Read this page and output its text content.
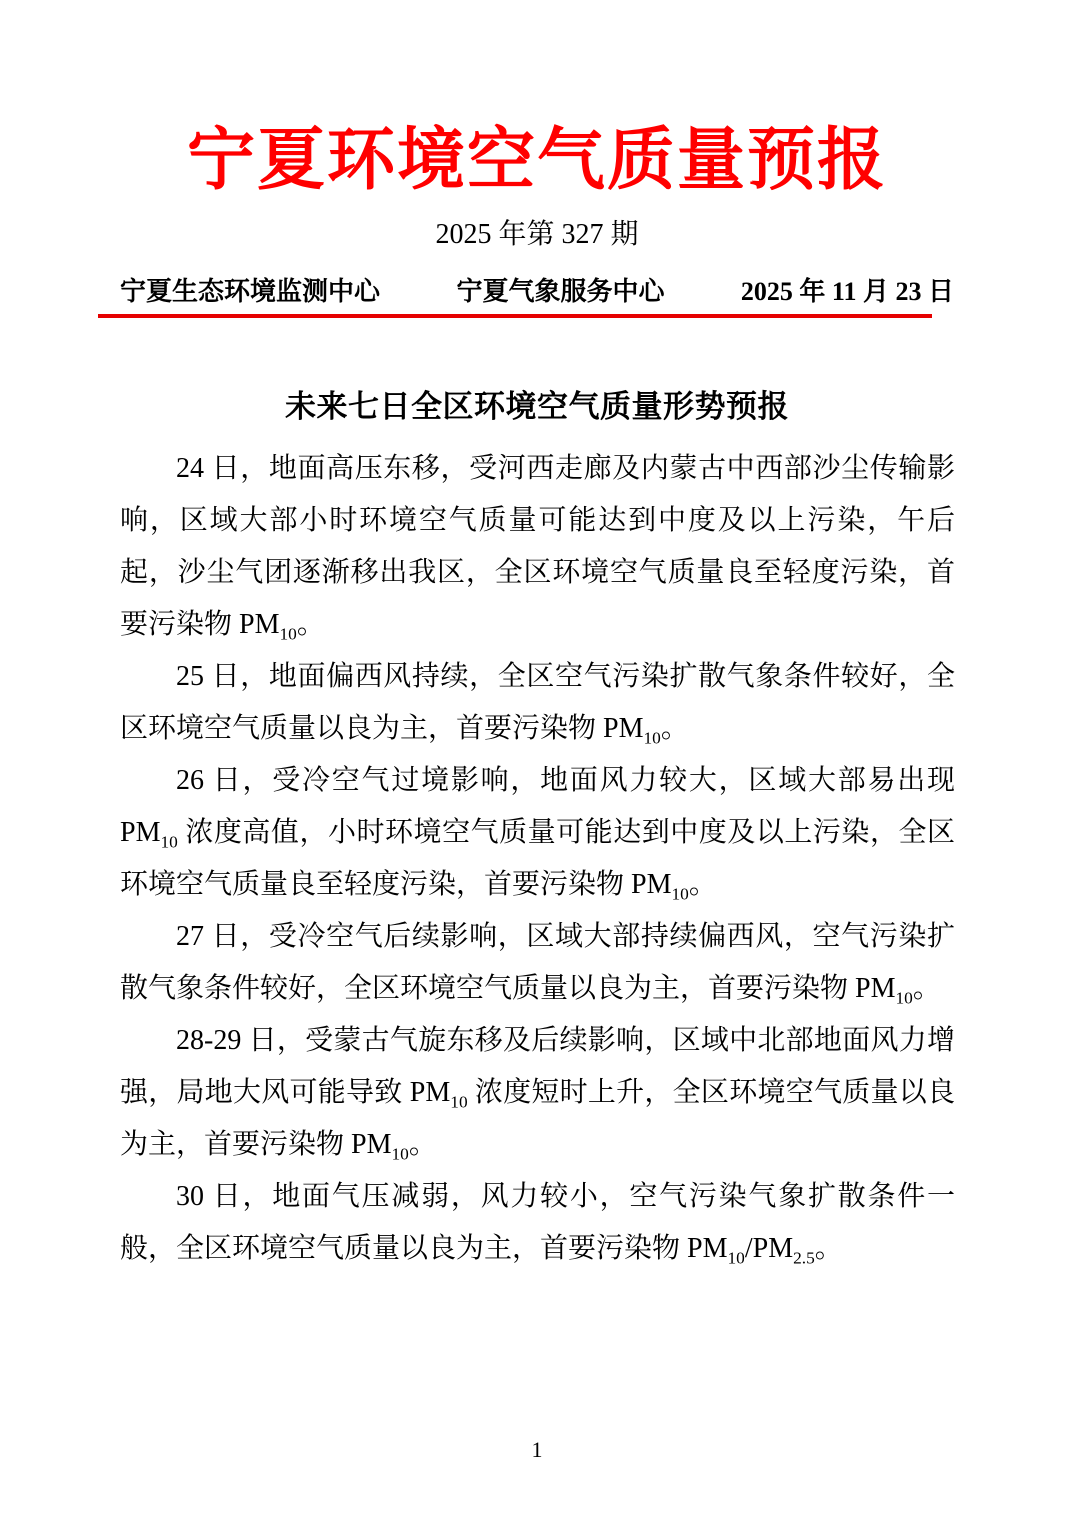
宁夏环境空气质量预报
2025 年第 327 期
宁夏生态环境监测中心	宁夏气象服务中心	2025 年 11 月 23 日
未来七日全区环境空气质量形势预报

24 日，地面高压东移，受河西走廊及内蒙古中西部沙尘传输影响，区域大部小时环境空气质量可能达到中度及以上污染，午后起，沙尘气团逐渐移出我区，全区环境空气质量良至轻度污染，首要污染物 $PM_{10}$。

25 日，地面偏西风持续，全区空气污染扩散气象条件较好，全区环境空气质量以良为主，首要污染物 $PM_{10}$。

26 日，受冷空气过境影响，地面风力较大，区域大部易出现 $PM_{10}$ 浓度高值，小时环境空气质量可能达到中度及以上污染，全区环境空气质量良至轻度污染，首要污染物 $PM_{10}$。

27 日，受冷空气后续影响，区域大部持续偏西风，空气污染扩散气象条件较好，全区环境空气质量以良为主，首要污染物 $PM_{10}$。

28-29 日，受蒙古气旋东移及后续影响，区域中北部地面风力增强，局地大风可能导致 $PM_{10}$ 浓度短时上升，全区环境空气质量以良为主，首要污染物 $PM_{10}$。

30 日，地面气压减弱，风力较小，空气污染气象扩散条件一般，全区环境空气质量以良为主，首要污染物 $PM_{10}/PM_{2.5}$。

1
